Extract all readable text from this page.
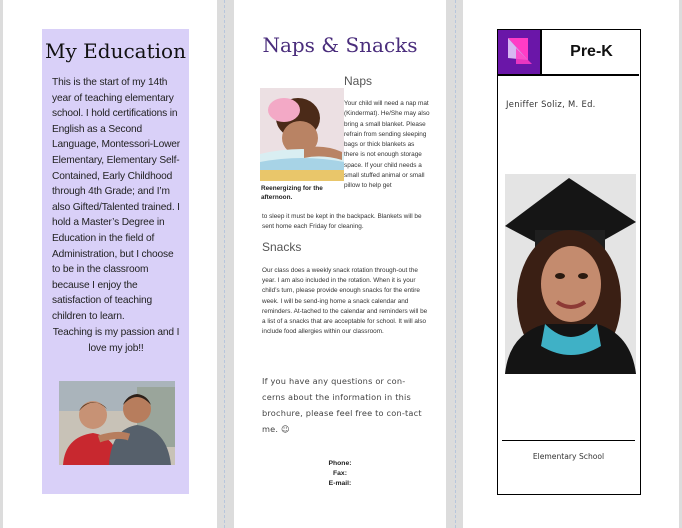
My Education
This is the start of my 14th year of teaching elementary school. I hold certifications in English as a Second Language, Montessori-Lower Elementary, Elementary Self-Contained, Early Childhood through 4th Grade; and I’m also Gifted/Talented trained. I hold a Master’s Degree in Education in the field of Administration, but I choose to be in the classroom because I enjoy the satisfaction of teaching children to learn.
Teaching is my passion and I love my job!!
Naps & Snacks
Naps
Reenergizing for the afternoon.
Your child will need a nap mat (Kindermat). He/She may also bring a small blanket. Please refrain from sending sleeping bags or thick blankets as there is not enough storage space. If your child needs a small stuffed animal or small pillow to help get
to sleep it must be kept in the backpack. Blankets will be sent home each Friday for cleaning.
Snacks
Our class does a weekly snack rotation through-out the year. I am also included in the rotation. When it is your child’s turn, please provide enough snacks for the entire week. I will be send-ing home a snack calendar and reminders. At-tached to the calendar and reminders will be a list of a snacks that are acceptable for school. It will also include food allergies within our classroom.
If you have any questions or con-cerns about the information in this brochure, please feel free to con-tact me. ☺
Phone:
Fax:
E-mail:
Pre-K
Jeniffer Soliz, M. Ed.
Elementary School
